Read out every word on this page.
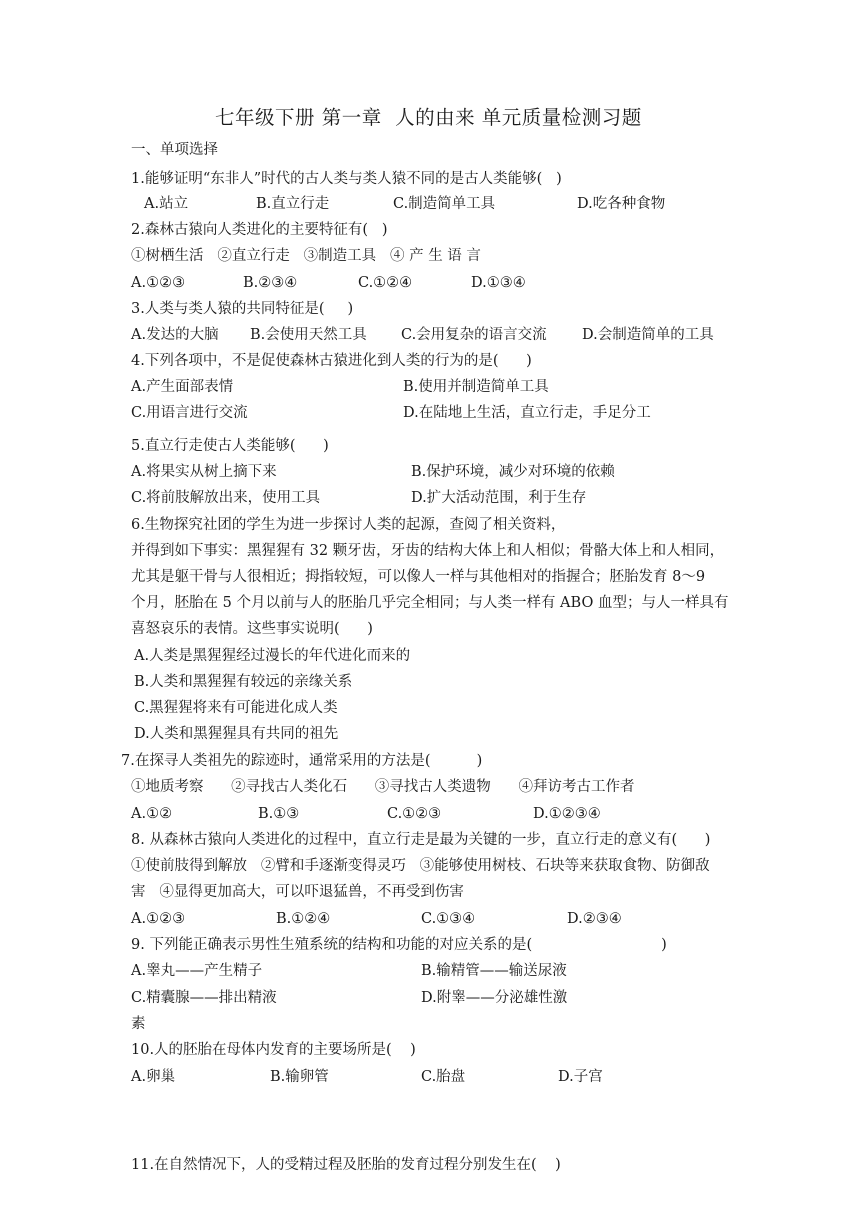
七年级下册 第一章  人的由来 单元质量检测习题
一、单项选择
1.能够证明“东非人”时代的古人类与类人猿不同的是古人类能够(   )
A.站立	B.直立行走	C.制造简单工具	D.吃各种食物
2.森林古猿向人类进化的主要特征有(   )
①树栖生活   ②直立行走   ③制造工具   ④ 产 生 语 言
A.①②③	B.②③④	C.①②④	D.①③④
3.人类与类人猿的共同特征是(     )
A.发达的大脑 B.会使用天然工具 C.会用复杂的语言交流 D.会制造简单的工具
4.下列各项中，不是促使森林古猿进化到人类的行为的是(      )
A.产生面部表情	B.使用并制造简单工具
C.用语言进行交流	D.在陆地上生活，直立行走，手足分工
5.直立行走使古人类能够(      )
A.将果实从树上摘下来	B.保护环境，减少对环境的依赖
C.将前肢解放出来，使用工具	D.扩大活动范围，利于生存
6.生物探究社团的学生为进一步探讨人类的起源，查阅了相关资料，
并得到如下事实：黑猩猩有 32 颗牙齿，牙齿的结构大体上和人相似；骨骼大体上和人相同，
尤其是躯干骨与人很相近；拇指较短，可以像人一样与其他相对的指握合；胚胎发育 8～9
个月，胚胎在 5 个月以前与人的胚胎几乎完全相同；与人类一样有 ABO 血型；与人一样具有
喜怒哀乐的表情。这些事实说明(      )
A.人类是黑猩猩经过漫长的年代进化而来的
B.人类和黑猩猩有较远的亲缘关系
C.黑猩猩将来有可能进化成人类
D.人类和黑猩猩具有共同的祖先
7.在探寻人类祖先的踪迹时，通常采用的方法是(          )
①地质考察      ②寻找古人类化石      ③寻找古人类遗物      ④拜访考古工作者
A.①②	B.①③	C.①②③	D.①②③④
8. 从森林古猿向人类进化的过程中，直立行走是最为关键的一步，直立行走的意义有(      )
①使前肢得到解放   ②臂和手逐渐变得灵巧   ③能够使用树枝、石块等来获取食物、防御敌
害   ④显得更加高大，可以吓退猛兽，不再受到伤害
A.①②③	B.①②④	C.①③④	D.②③④
9. 下列能正确表示男性生殖系统的结构和功能的对应关系的是(                            )
A.睾丸——产生精子	B.输精管——输送尿液
C.精囊腺——排出精液	D.附睾——分泌雄性激
素
10.人的胚胎在母体内发育的主要场所是(    )
A.卵巢	B.输卵管	C.胎盘	D.子宫
11.在自然情况下，人的受精过程及胚胎的发育过程分别发生在(    )
